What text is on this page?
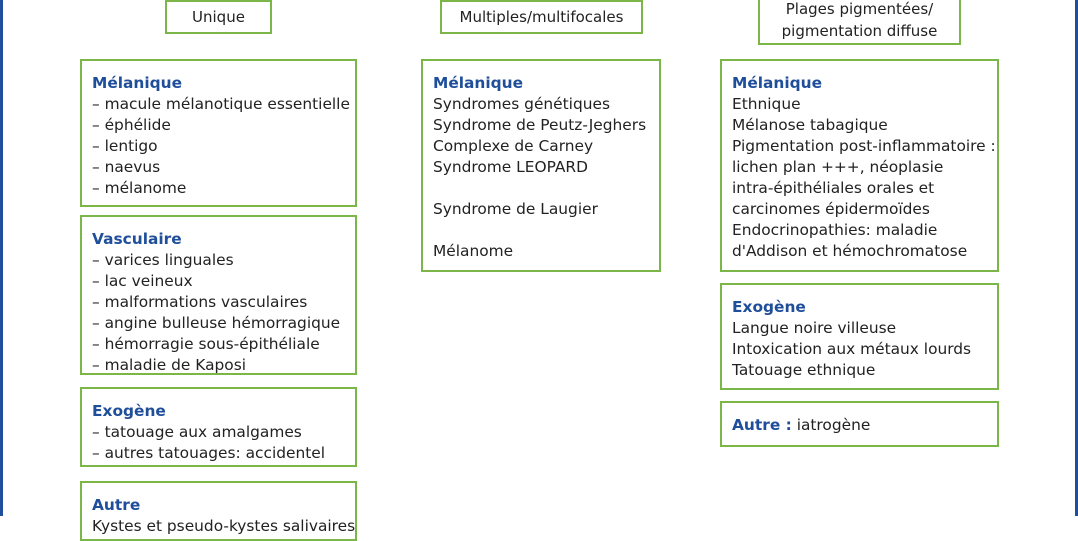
Unique	Multiples/multifocales	Plages pigmentées/
pigmentation diffuse
Mélanique
– macule mélanotique essentielle
– éphélide
– lentigo
– naevus
– mélanome
Vasculaire
– varices linguales
– lac veineux
– malformations vasculaires
– angine bulleuse hémorragique
– hémorragie sous-épithéliale
– maladie de Kaposi
Exogène
– tatouage aux amalgames
– autres tatouages: accidentel
Autre
Kystes et pseudo-kystes salivaires
Mélanique
Syndromes génétiques
Syndrome de Peutz-Jeghers
Complexe de Carney
Syndrome LEOPARD
Syndrome de Laugier
Mélanome
Mélanique
Ethnique
Mélanose tabagique
Pigmentation post-inflammatoire :
lichen plan +++, néoplasie
intra-épithéliales orales et
carcinomes épidermoïdes
Endocrinopathies: maladie
d'Addison et hémochromatose
Exogène
Langue noire villeuse
Intoxication aux métaux lourds
Tatouage ethnique
Autre : iatrogène
